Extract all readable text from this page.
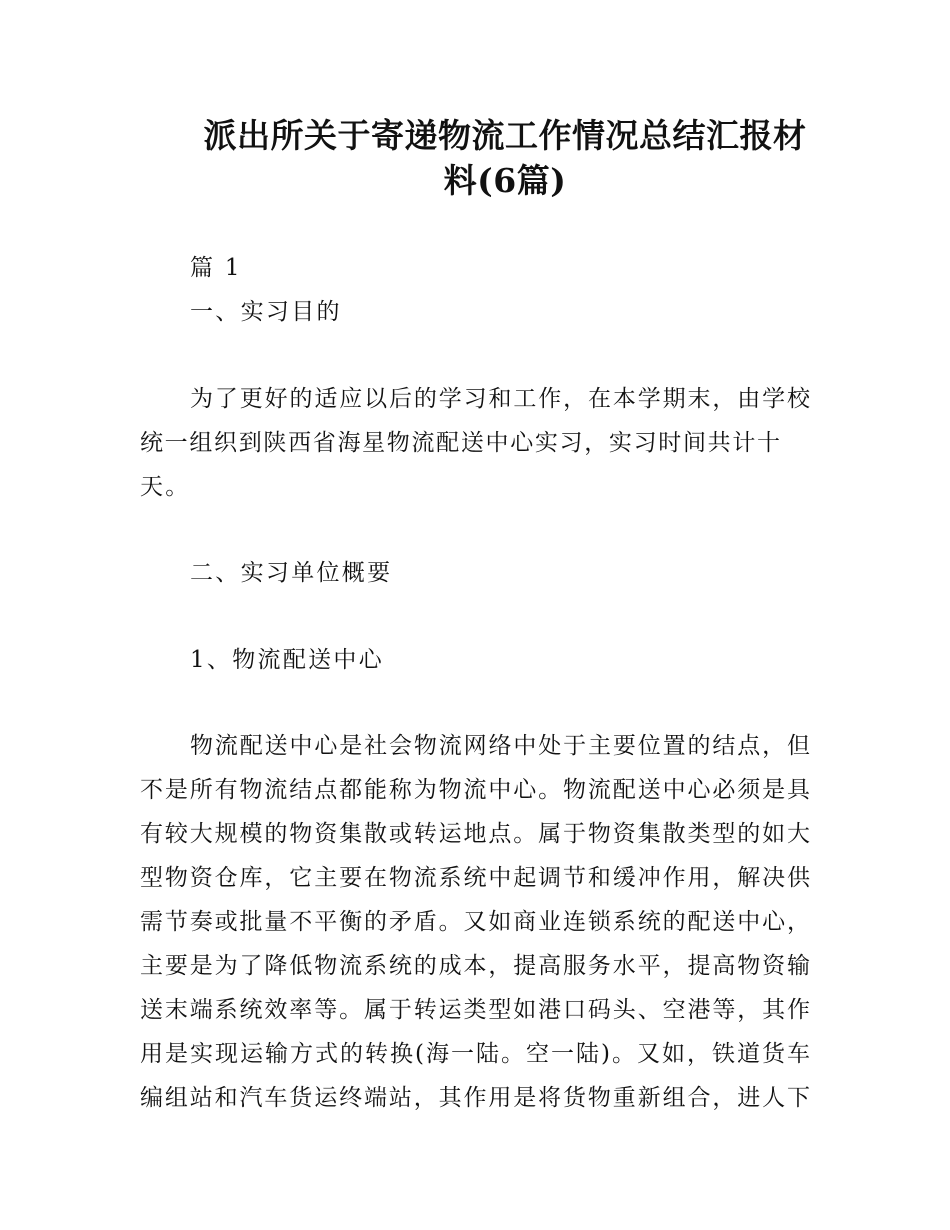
派出所关于寄递物流工作情况总结汇报材
料(6篇)

篇 1

一、实习目的

为了更好的适应以后的学习和工作，在本学期末，由学校

统一组织到陕西省海星物流配送中心实习，实习时间共计十

天。

二、实习单位概要

1、物流配送中心

物流配送中心是社会物流网络中处于主要位置的结点，但

不是所有物流结点都能称为物流中心。物流配送中心必须是具

有较大规模的物资集散或转运地点。属于物资集散类型的如大

型物资仓库，它主要在物流系统中起调节和缓冲作用，解决供

需节奏或批量不平衡的矛盾。又如商业连锁系统的配送中心，

主要是为了降低物流系统的成本，提高服务水平，提高物资输

送末端系统效率等。属于转运类型如港口码头、空港等，其作

用是实现运输方式的转换(海一陆。空一陆)。又如，铁道货车

编组站和汽车货运终端站，其作用是将货物重新组合，进人下
